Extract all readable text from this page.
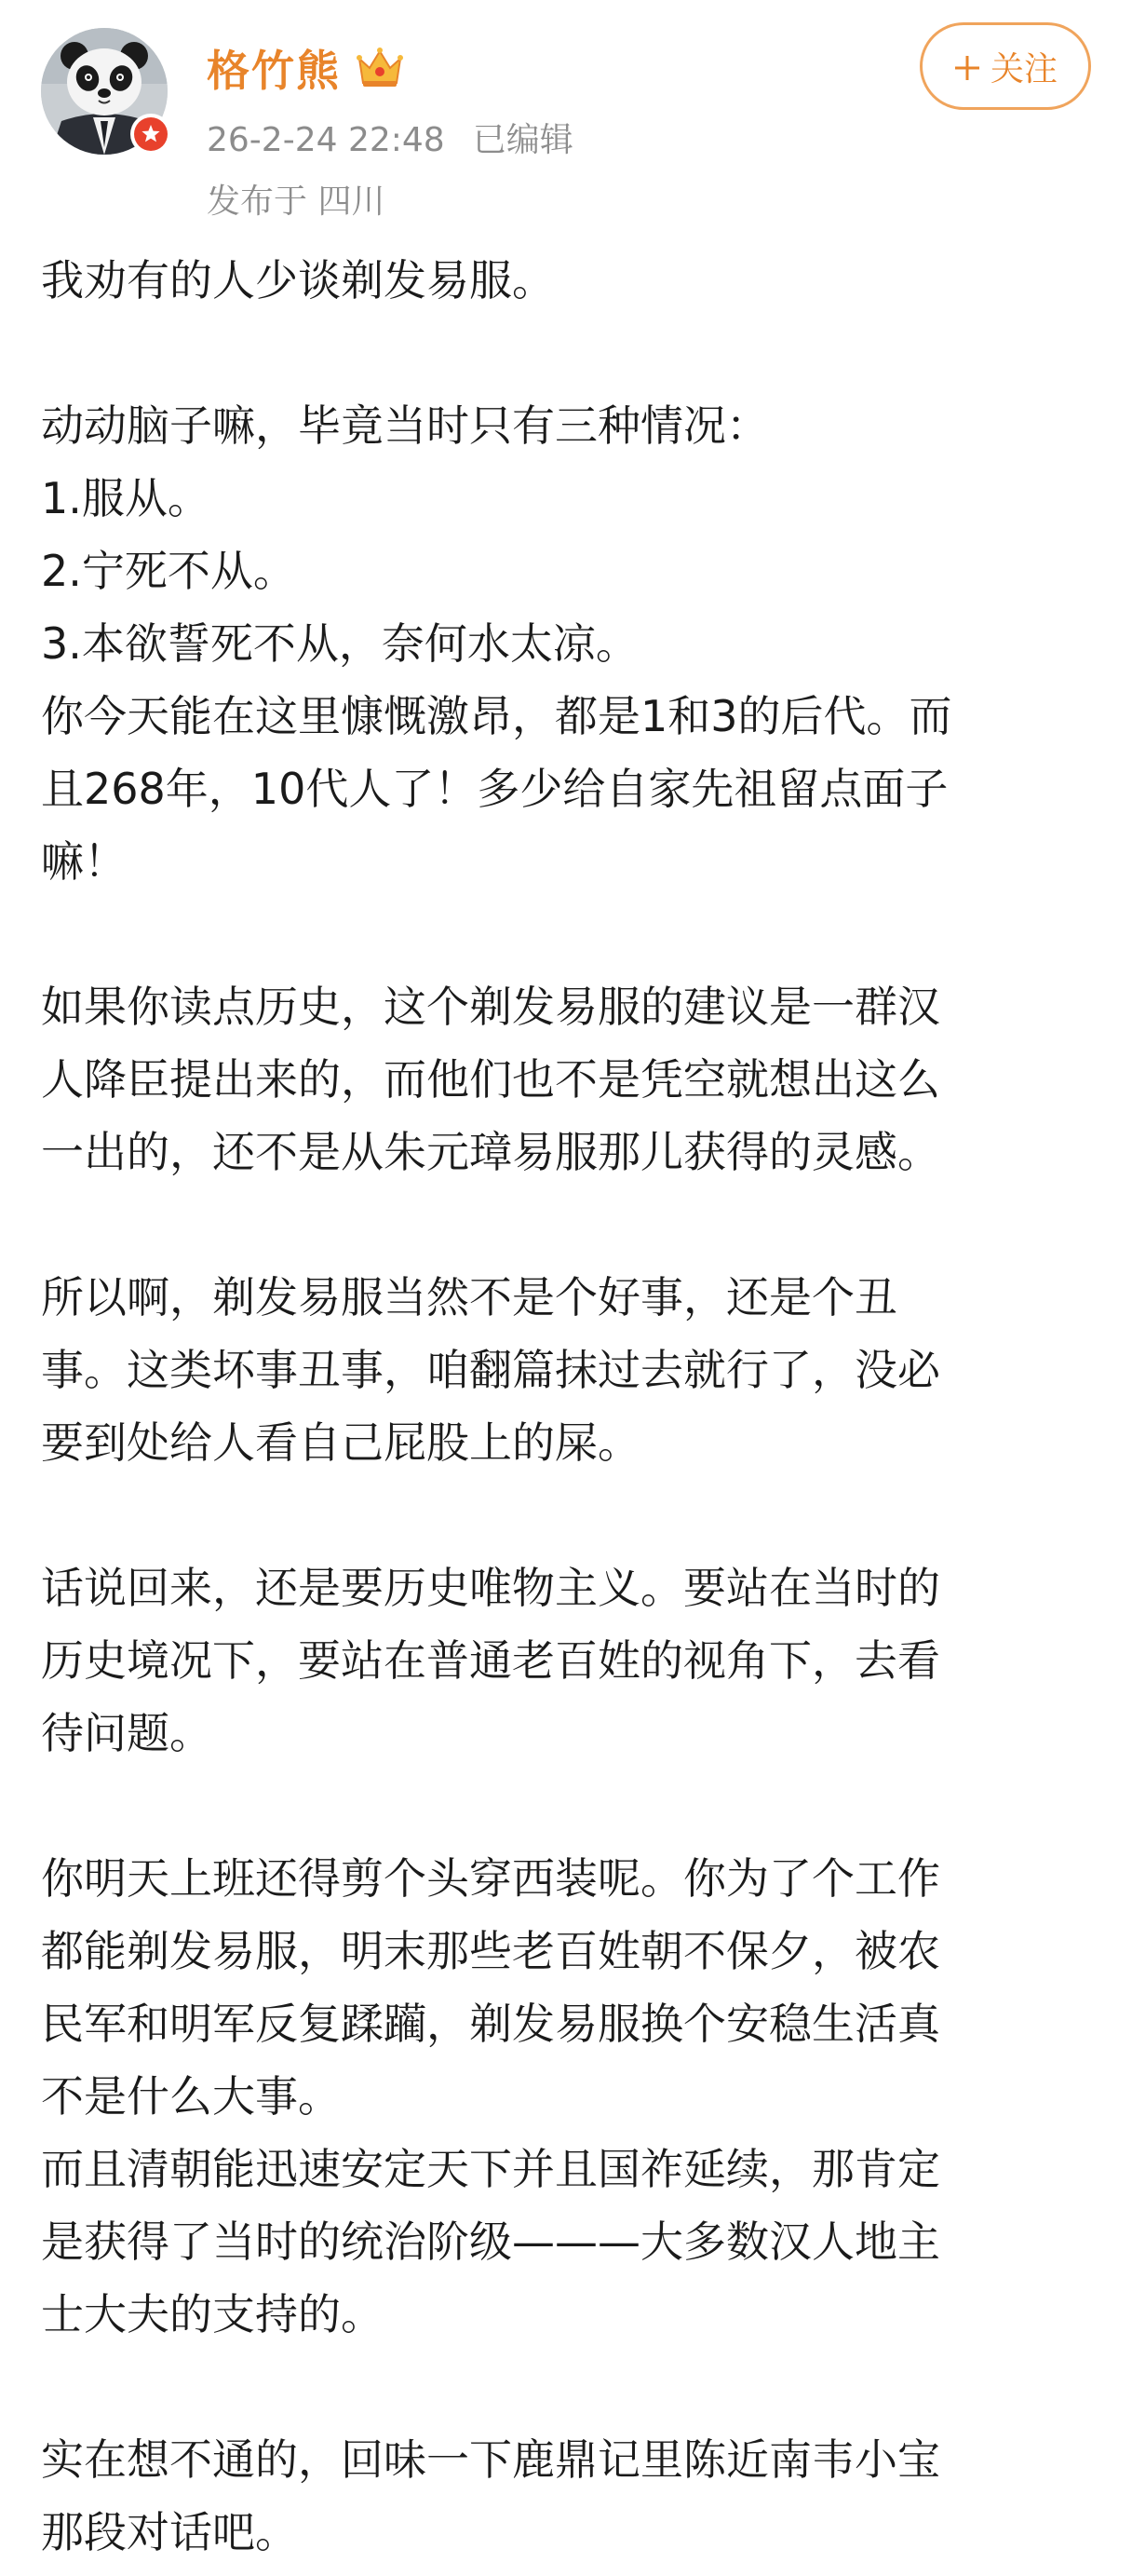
格竹熊
26-2-24 22:48 已编辑
发布于 四川
关注

我劝有的人少谈剃发易服。

动动脑子嘛，毕竟当时只有三种情况：

1.服从。

2.宁死不从。

3.本欲誓死不从，奈何水太凉。

你今天能在这里慷慨激昂，都是1和3的后代。而

且268年，10代人了！多少给自家先祖留点面子

嘛！

如果你读点历史，这个剃发易服的建议是一群汉

人降臣提出来的，而他们也不是凭空就想出这么

一出的，还不是从朱元璋易服那儿获得的灵感。

所以啊，剃发易服当然不是个好事，还是个丑

事。这类坏事丑事，咱翻篇抹过去就行了，没必

要到处给人看自己屁股上的屎。

话说回来，还是要历史唯物主义。要站在当时的

历史境况下，要站在普通老百姓的视角下，去看

待问题。

你明天上班还得剪个头穿西装呢。你为了个工作

都能剃发易服，明末那些老百姓朝不保夕，被农

民军和明军反复蹂躏，剃发易服换个安稳生活真

不是什么大事。

而且清朝能迅速安定天下并且国祚延续，那肯定

是获得了当时的统治阶级———大多数汉人地主

士大夫的支持的。

实在想不通的，回味一下鹿鼎记里陈近南韦小宝

那段对话吧。
